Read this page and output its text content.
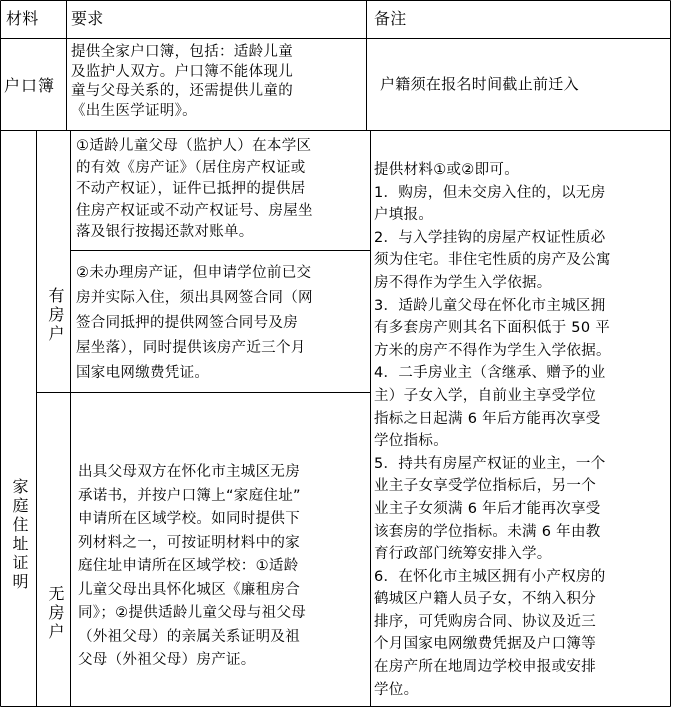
材料 要求	备注
户口簿
提供全家户口簿，包括：适龄儿童
及监护人双方。户口簿不能体现儿
童与父母关系的，还需提供儿童的
《出生医学证明》。
户籍须在报名时间截止前迁入
家庭住址证明
有房户
无房户
①适龄儿童父母（监护人）在本学区
的有效《房产证》（居住房产权证或
不动产权证），证件已抵押的提供居
住房产权证或不动产权证号、房屋坐
落及银行按揭还款对账单。
②未办理房产证，但申请学位前已交
房并实际入住，须出具网签合同（网
签合同抵押的提供网签合同号及房
屋坐落），同时提供该房产近三个月
国家电网缴费凭证。
出具父母双方在怀化市主城区无房
承诺书，并按户口簿上“家庭住址”
申请所在区域学校。如同时提供下
列材料之一，可按证明材料中的家
庭住址申请所在区域学校：①适龄
儿童父母出具怀化城区《廉租房合
同》；②提供适龄儿童父母与祖父母
（外祖父母）的亲属关系证明及祖
父母（外祖父母）房产证。
提供材料①或②即可。
1．购房，但未交房入住的，以无房
户填报。
2．与入学挂钩的房屋产权证性质必
须为住宅。非住宅性质的房产及公寓
房不得作为学生入学依据。
3．适龄儿童父母在怀化市主城区拥
有多套房产则其名下面积低于 50 平
方米的房产不得作为学生入学依据。
4．二手房业主（含继承、赠予的业
主）子女入学，自前业主享受学位
指标之日起满 6 年后方能再次享受
学位指标。
5．持共有房屋产权证的业主，一个
业主子女享受学位指标后，另一个
业主子女须满 6 年后才能再次享受
该套房的学位指标。未满 6 年由教
育行政部门统筹安排入学。
6．在怀化市主城区拥有小产权房的
鹤城区户籍人员子女，不纳入积分
排序，可凭购房合同、协议及近三
个月国家电网缴费凭据及户口簿等
在房产所在地周边学校申报或安排
学位。
